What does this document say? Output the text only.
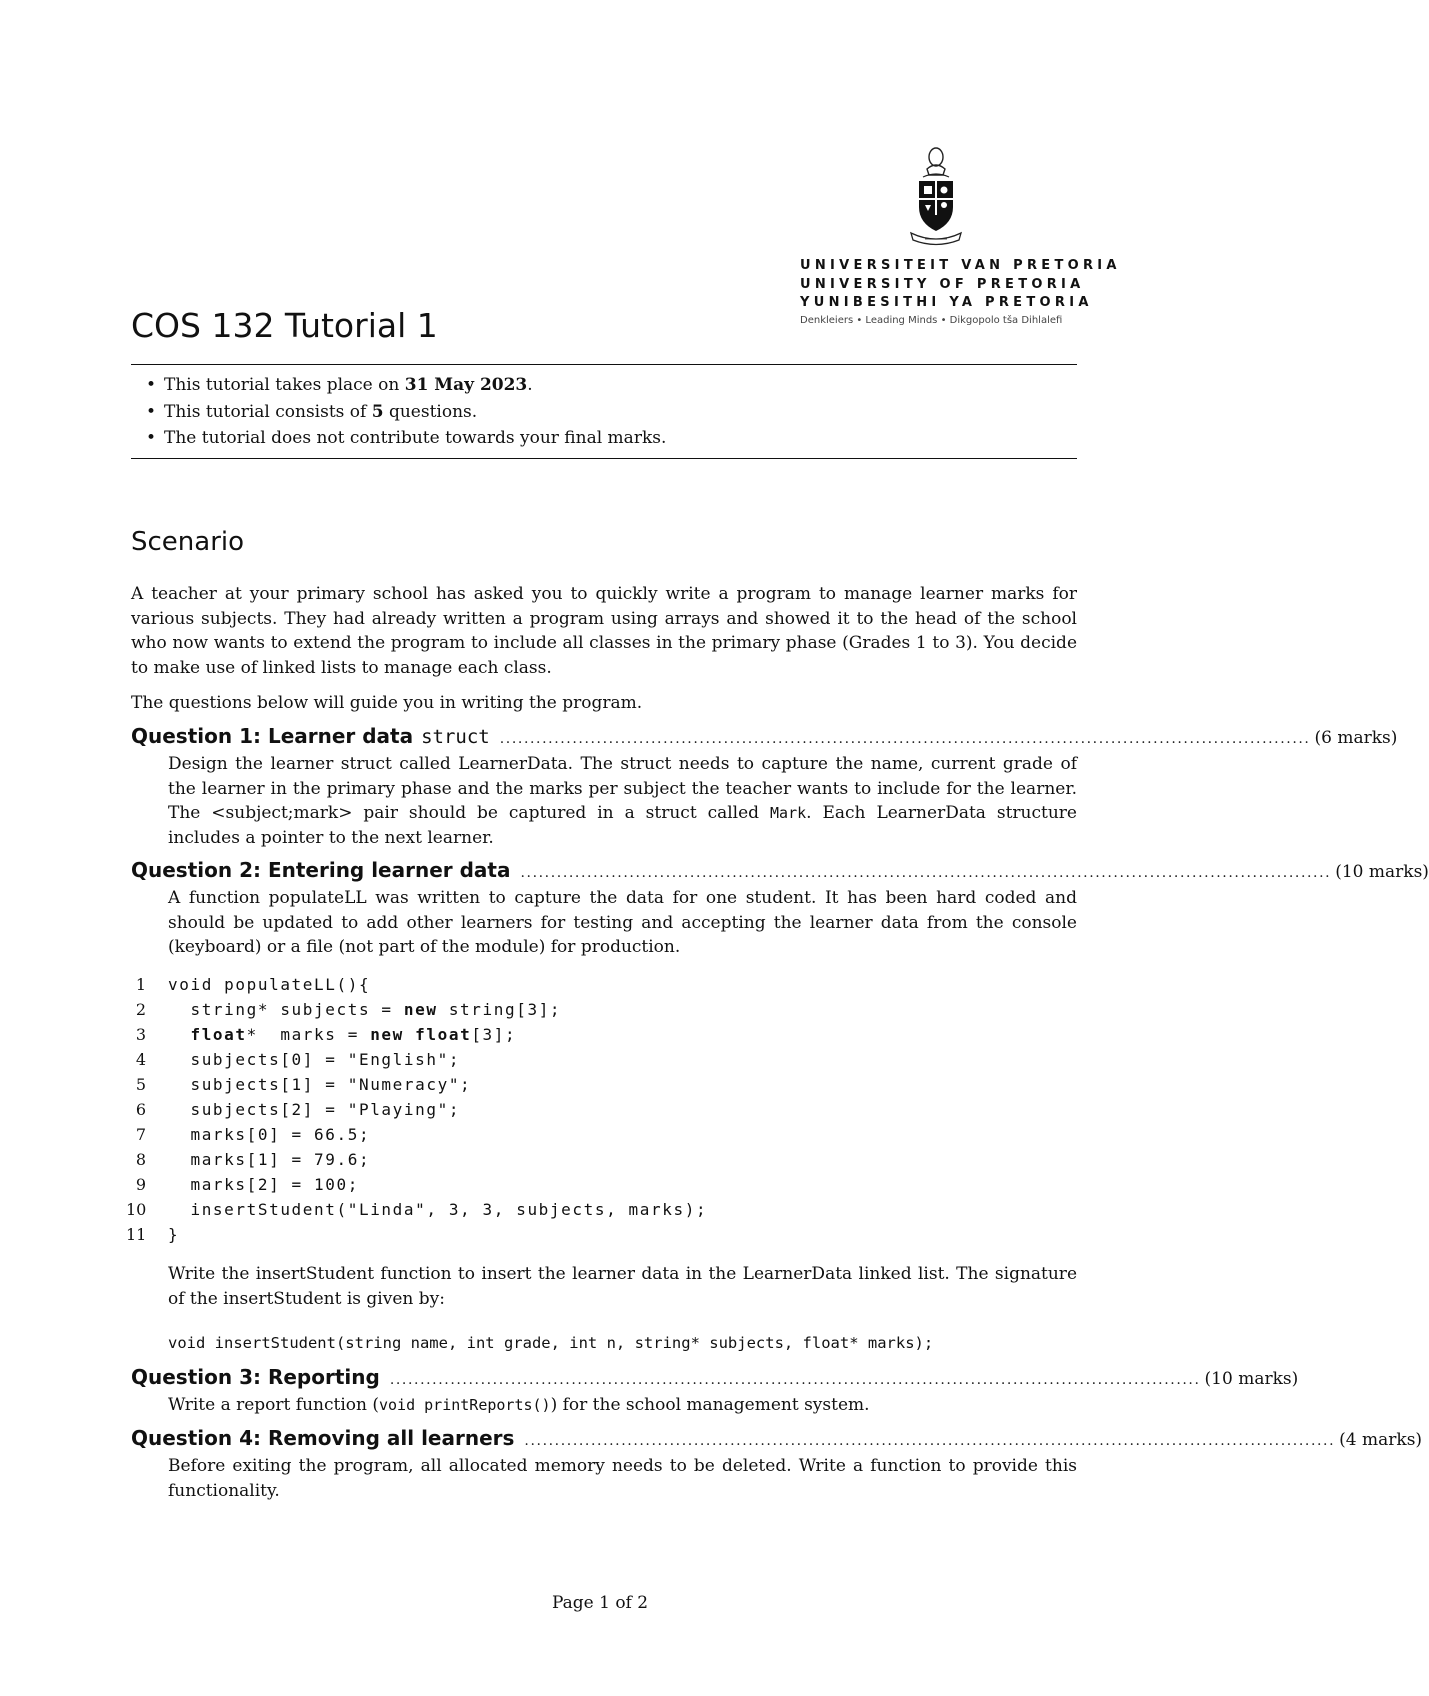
UNIVERSITEIT VAN PRETORIA
UNIVERSITY OF PRETORIA
YUNIBESITHI YA PRETORIA
Denkleiers • Leading Minds • Dikgopolo tša Dihlalefi
COS 132 Tutorial 1
• This tutorial takes place on 31 May 2023.
• This tutorial consists of 5 questions.
• The tutorial does not contribute towards your final marks.
Scenario

A teacher at your primary school has asked you to quickly write a program to manage learner marks for various subjects. They had already written a program using arrays and showed it to the head of the school who now wants to extend the program to include all classes in the primary phase (Grades 1 to 3). You decide to make use of linked lists to manage each class.

The questions below will guide you in writing the program.

Question 1: Learner data struct ...................................................................................................................................... (6 marks)

Design the learner struct called LearnerData. The struct needs to capture the name, current grade of the learner in the primary phase and the marks per subject the teacher wants to include for the learner. The <subject;mark> pair should be captured in a struct called Mark. Each LearnerData structure includes a pointer to the next learner.

Question 2: Entering learner data ...................................................................................................................................... (10 marks)

A function populateLL was written to capture the data for one student. It has been hard coded and should be updated to add other learners for testing and accepting the learner data from the console (keyboard) or a file (not part of the module) for production.

1 void populateLL(){
2 string* subjects = new string[3];
3	float*  marks = new float[3];
4 subjects[0] = "English";
5 subjects[1] = "Numeracy";
6 subjects[2] = "Playing";
7 marks[0] = 66.5;
8 marks[1] = 79.6;
9 marks[2] = 100;
10 insertStudent("Linda", 3, 3, subjects, marks);
11 }

Write the insertStudent function to insert the learner data in the LearnerData linked list. The signature of the insertStudent is given by:

void insertStudent(string name, int grade, int n, string* subjects, float* marks);
Question 3: Reporting ...................................................................................................................................... (10 marks)

Write a report function (void printReports()) for the school management system.

Question 4: Removing all learners ...................................................................................................................................... (4 marks)

Before exiting the program, all allocated memory needs to be deleted. Write a function to provide this functionality.

Page 1 of 2
